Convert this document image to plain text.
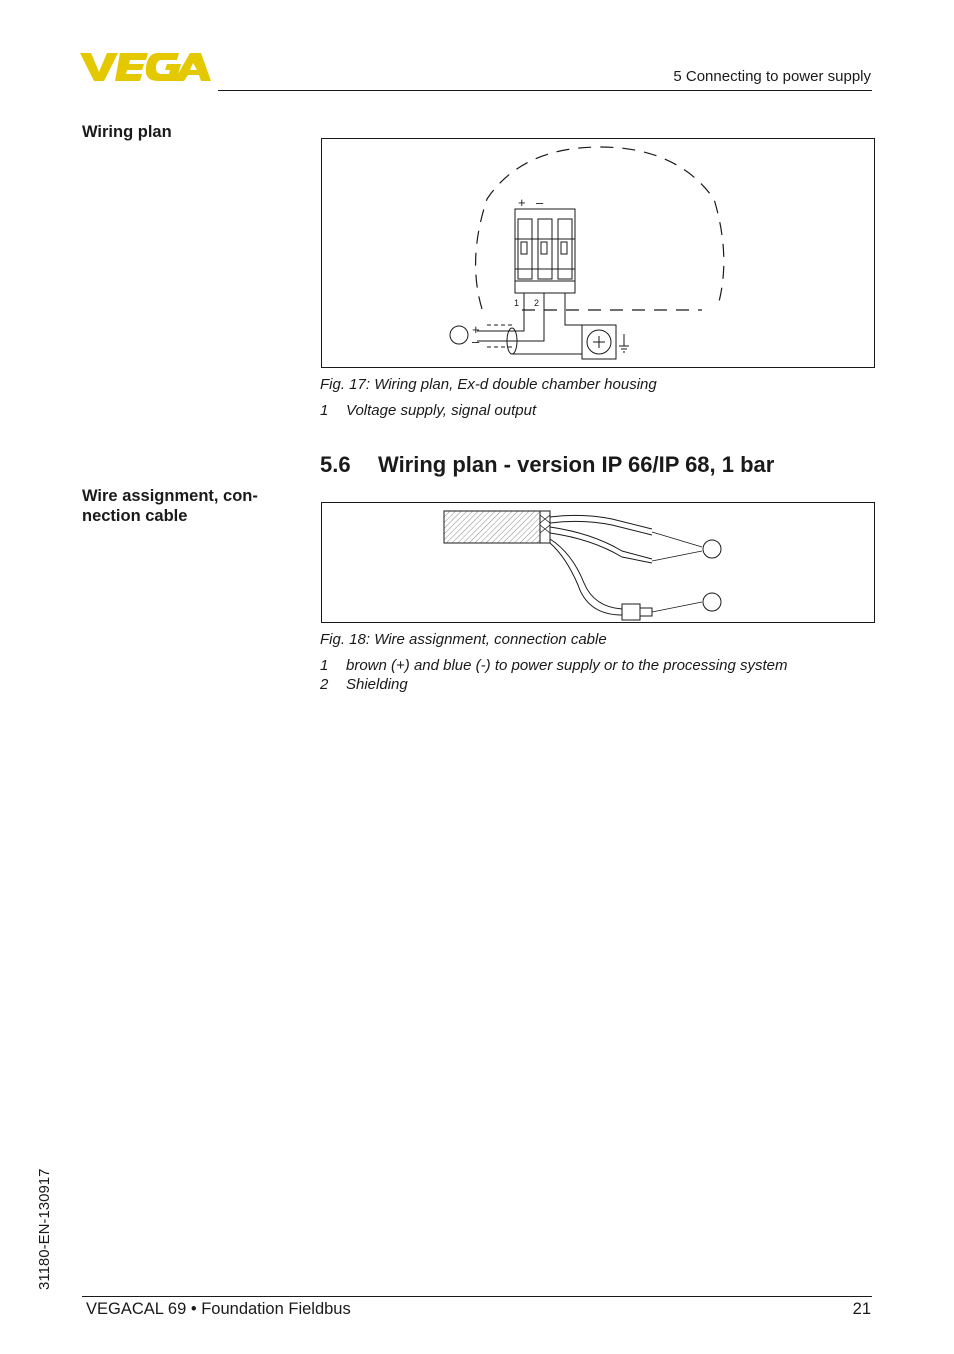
5 Connecting to power supply
Wiring plan
+ –
1 2
+
–
Fig. 17: Wiring plan, Ex-d double chamber housing
1 Voltage supply, signal output
5.6 Wiring plan - version IP 66/IP 68, 1 bar
Wire assignment, con-
nection cable
Fig. 18: Wire assignment, connection cable
1 brown (+) and blue (-) to power supply or to the processing system
2 Shielding
31180-EN-130917
VEGACAL 69 • Foundation Fieldbus	21
